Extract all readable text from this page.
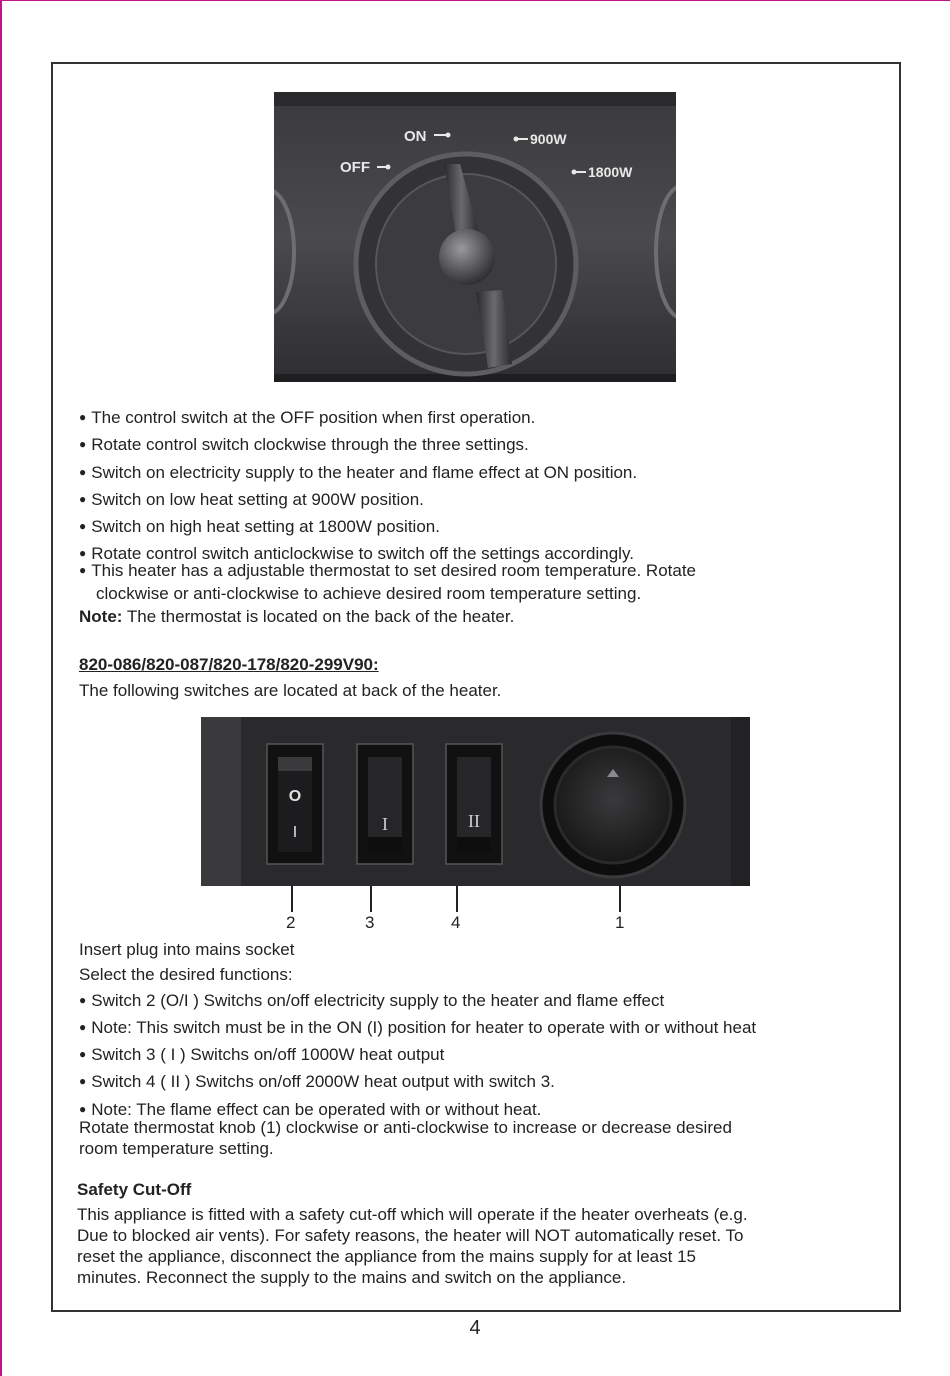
OFF
ON	900W
1800W
● The control switch at the OFF position when first operation.
● Rotate control switch clockwise through the three settings.
● Switch on electricity supply to the heater and flame effect at ON position.
● Switch on low heat setting at 900W position.
● Switch on high heat setting at 1800W position.
● Rotate control switch anticlockwise to switch off the settings accordingly.
● This heater has a adjustable thermostat to set desired room temperature. Rotate
clockwise or anti-clockwise to achieve desired room temperature setting.
Note: The thermostat is located on the back of the heater.
820-086/820-087/820-178/820-299V90:
The following switches are located at back of the heater.
O
I	I	II
2	3	4	1
Insert plug into mains socket
Select the desired functions:
● Switch 2 (O/I ) Switchs on/off electricity supply to the heater and flame effect
● Note: This switch must be in the ON (I) position for heater to operate with or without heat
● Switch 3 ( I ) Switchs on/off 1000W heat output
● Switch 4 ( II ) Switchs on/off 2000W heat output with switch 3.
● Note: The flame effect can be operated with or without heat.
Rotate thermostat knob (1) clockwise or anti-clockwise to increase or decrease desired
room temperature setting.
Safety Cut-Off
This appliance is fitted with a safety cut-off which will operate if the heater overheats (e.g.
Due to blocked air vents). For safety reasons, the heater will NOT automatically reset. To
reset the appliance, disconnect the appliance from the mains supply for at least 15
minutes. Reconnect the supply to the mains and switch on the appliance.
4
